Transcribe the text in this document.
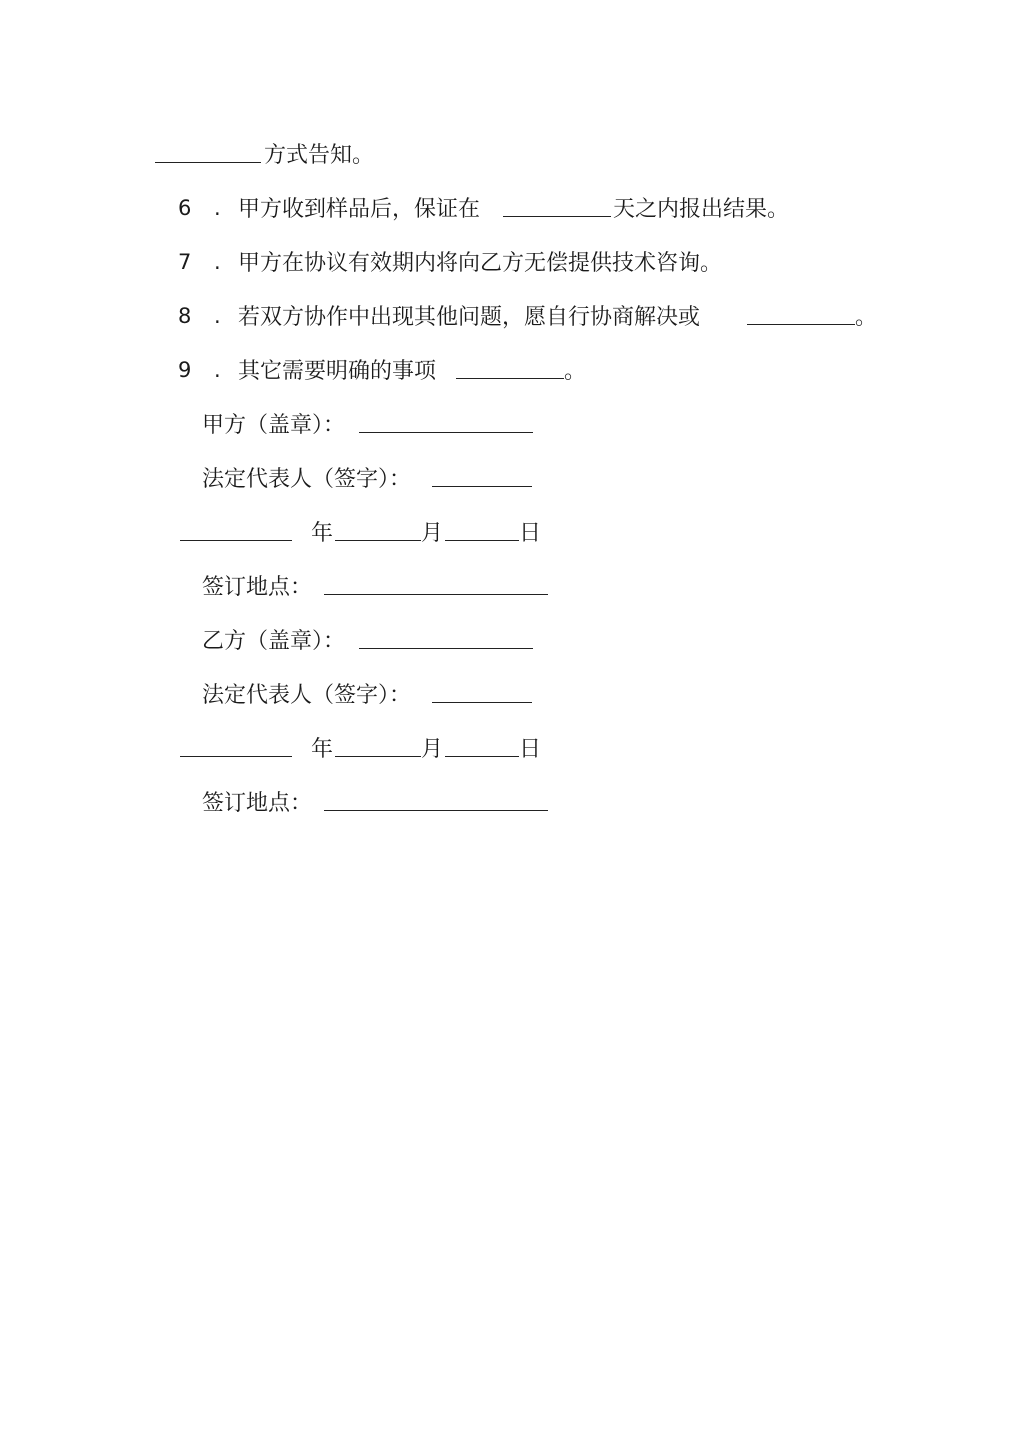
方式告知。
6 . 甲方收到样品后，保证在	天之内报出结果。
7 . 甲方在协议有效期内将向乙方无偿提供技术咨询。
8 . 若双方协作中出现其他问题，愿自行协商解决或	。
9 . 其它需要明确的事项	。
甲方（盖章）：
法定代表人（签字）：
年	月	日
签订地点：
乙方（盖章）：
法定代表人（签字）：
年	月	日
签订地点：
